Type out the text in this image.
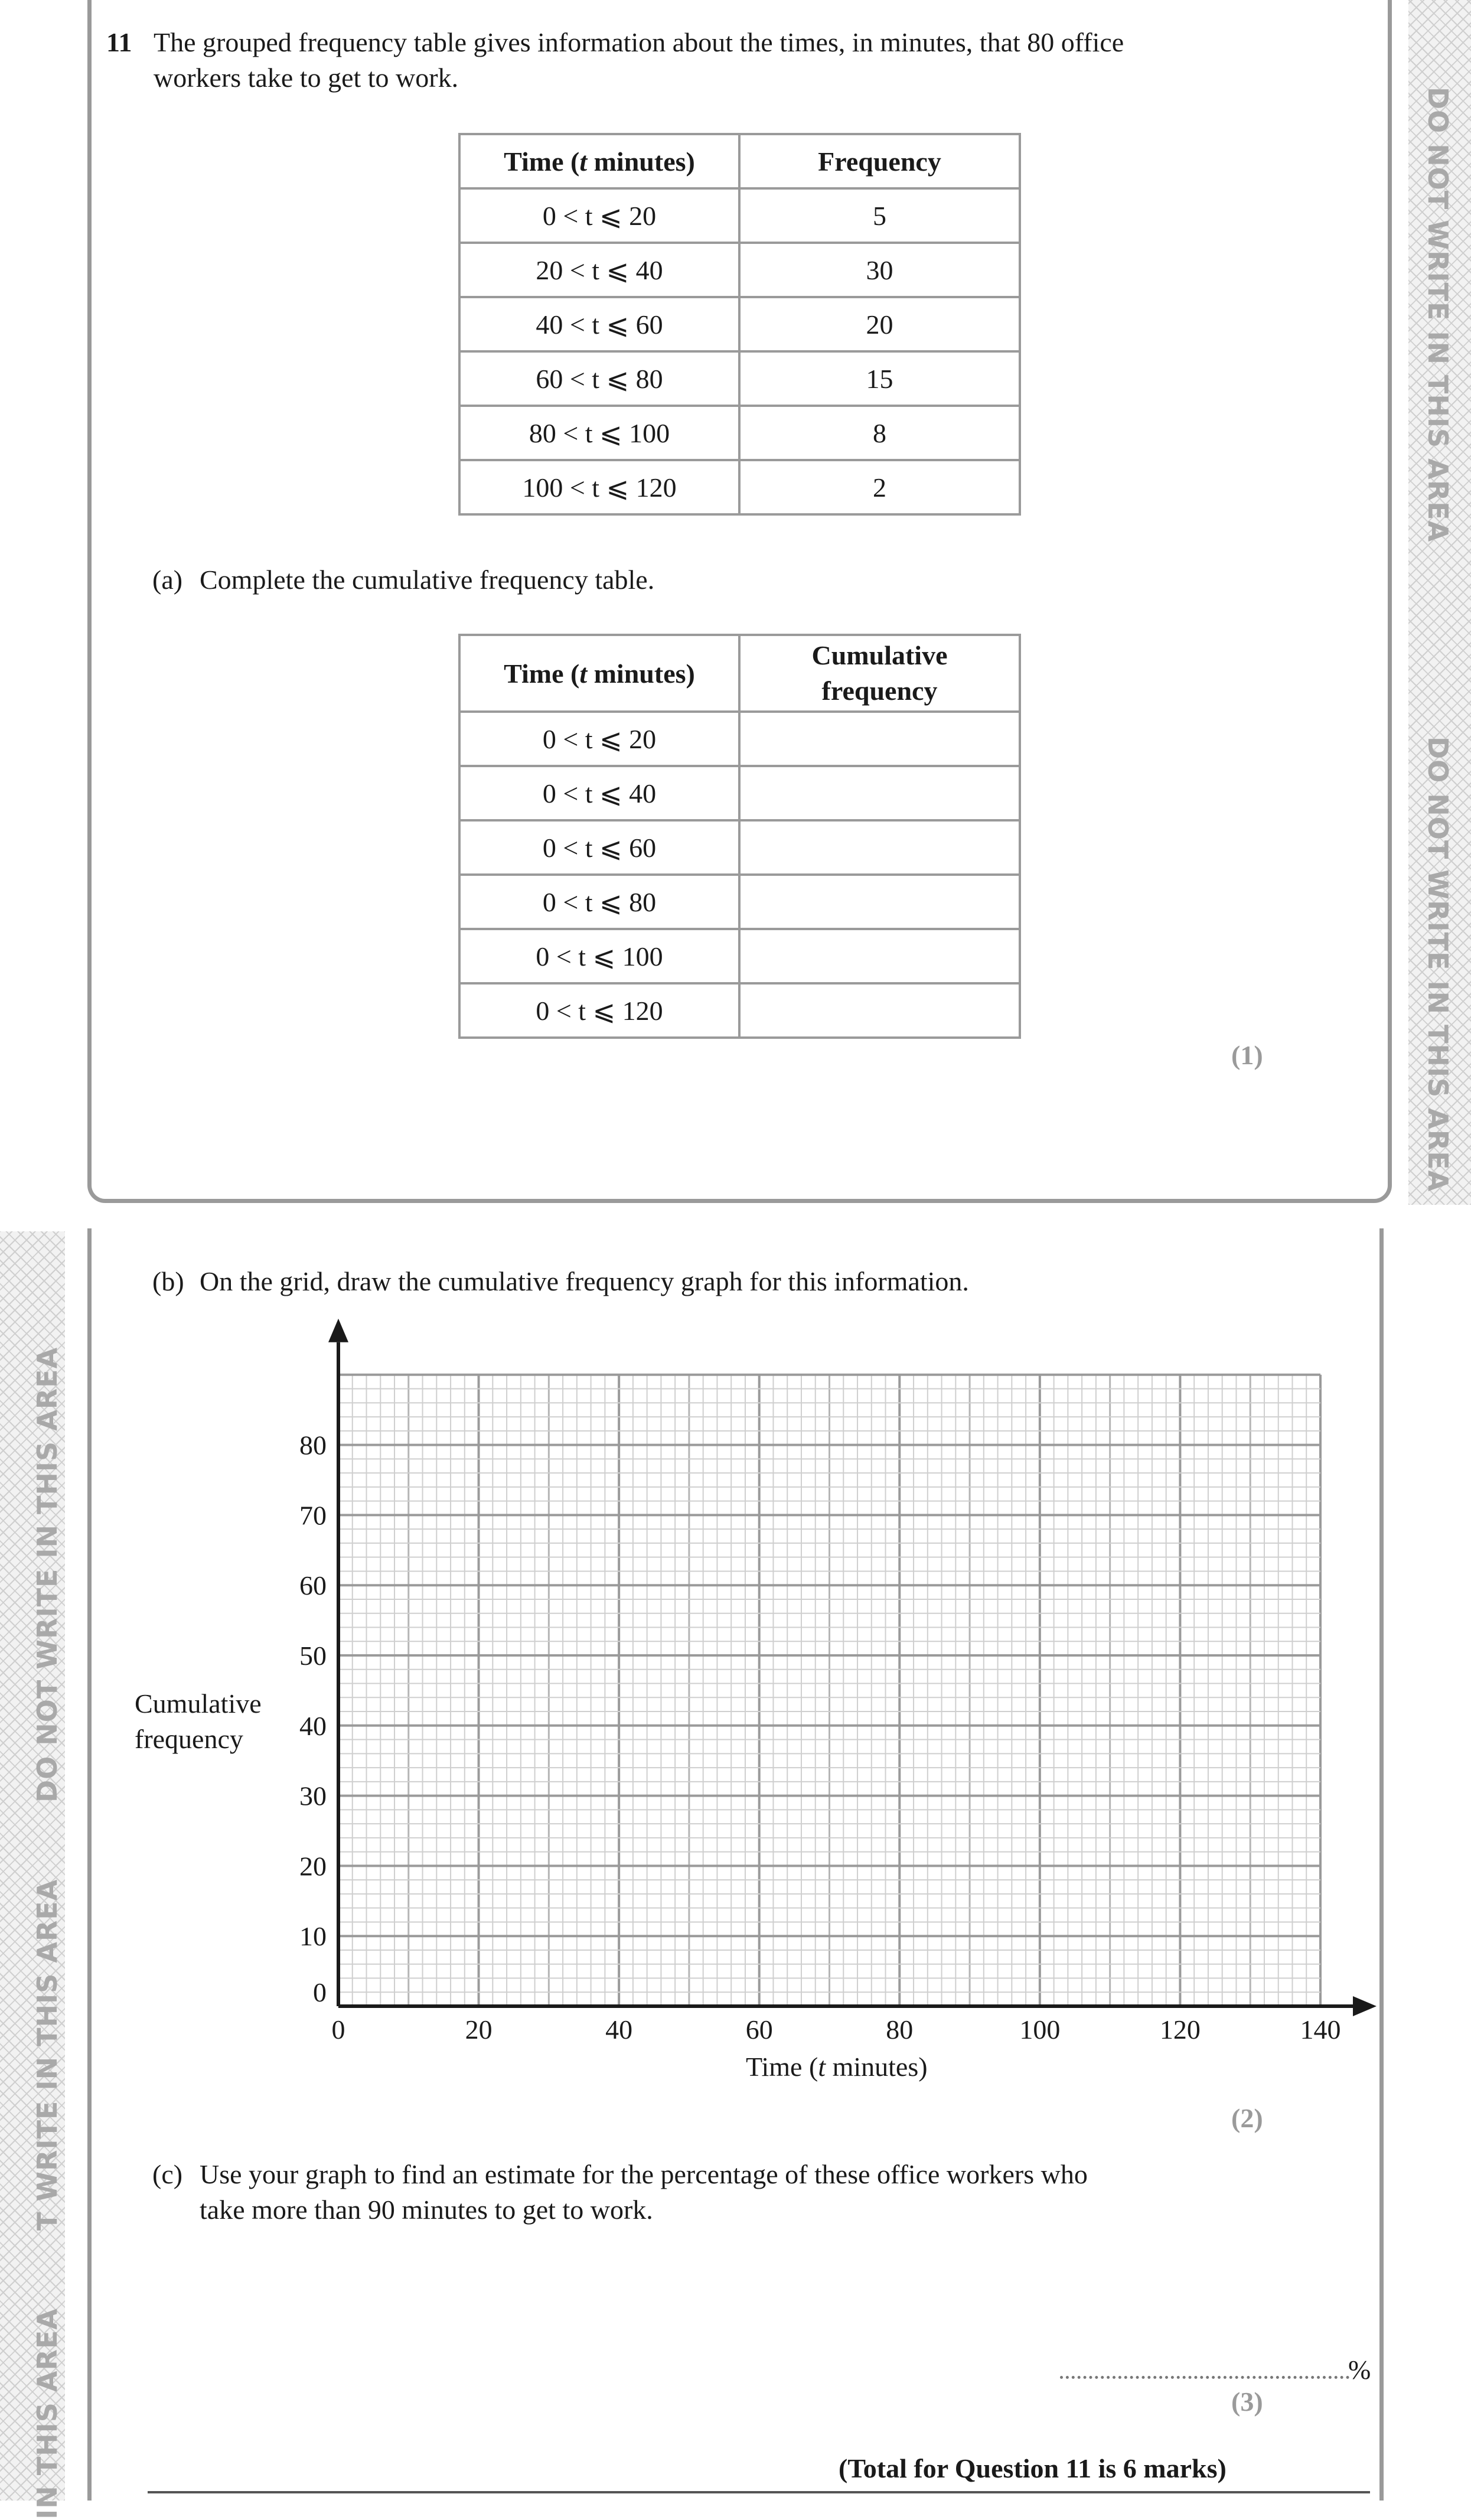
DO NOT WRITE IN THIS AREA
DO NOT WRITE IN THIS AREA
DO NOT WRITE IN THIS AREA
T WRITE IN THIS AREA
IN THIS AREA
11 The grouped frequency table gives information about the times, in minutes, that 80 office
workers take to get to work.
Time (t minutes)	Frequency
0 < t ⩽ 20	5
20 < t ⩽ 40	30
40 < t ⩽ 60	20
60 < t ⩽ 80	15
80 < t ⩽ 100	8
100 < t ⩽ 120	2
(a) Complete the cumulative frequency table.
Time (t minutes)	Cumulative
frequency
0 < t ⩽ 20	
0 < t ⩽ 40	
0 < t ⩽ 60	
0 < t ⩽ 80	
0 < t ⩽ 100	
0 < t ⩽ 120	
(1)
(b) On the grid, draw the cumulative frequency graph for this information.
0	20	40	60	80	100	120	140
0
10
20
30
40
50
60
70
80
Cumulative
frequency
Time (t minutes)
(2)
(c) Use your graph to find an estimate for the percentage of these office workers who
take more than 90 minutes to get to work.
%
(3)
(Total for Question 11 is 6 marks)
